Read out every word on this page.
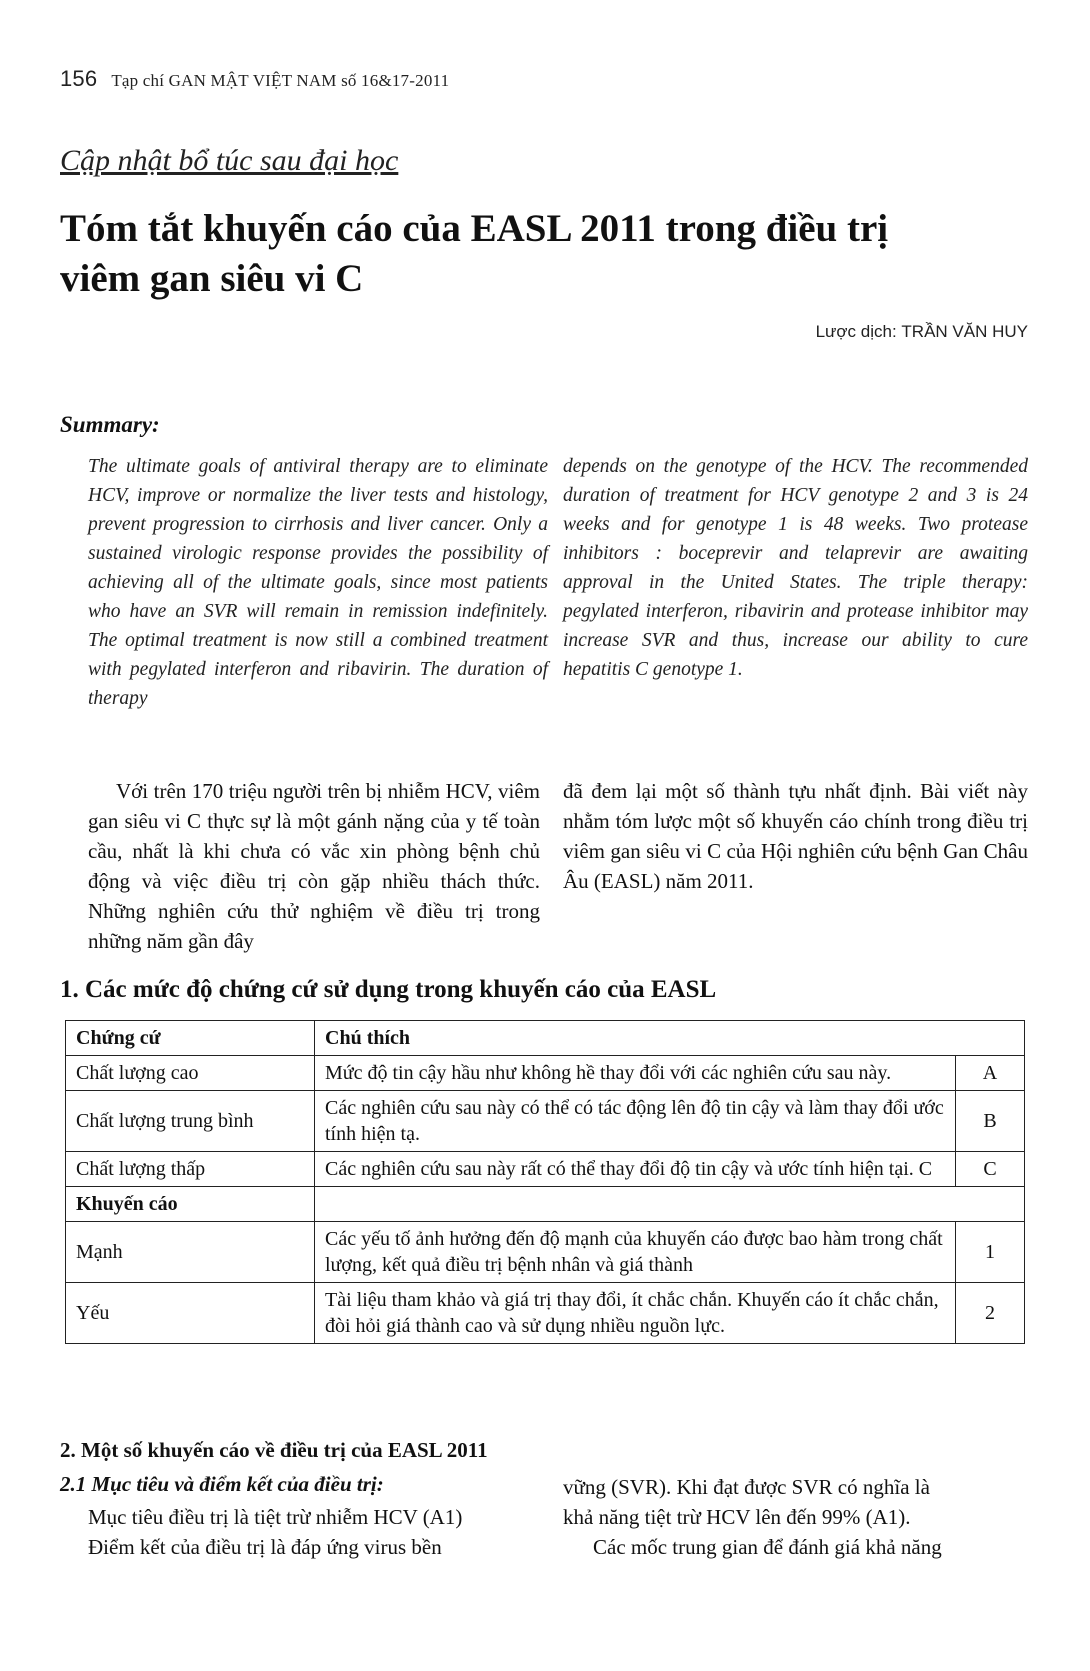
156 Tạp chí GAN MẬT VIỆT NAM số 16&17-2011
Cập nhật bổ túc sau đại học
Tóm tắt khuyến cáo của EASL 2011 trong điều trị
viêm gan siêu vi C
Lược dịch: TRẦN VĂN HUY
Summary:
The ultimate goals of antiviral therapy are to eliminate HCV, improve or normalize the liver tests and histology, prevent progression to cirrhosis and liver cancer. Only a sustained virologic response provides the possibility of achieving all of the ultimate goals, since most patients who have an SVR will remain in remission indefinitely. The optimal treatment is now still a combined treatment with pegylated interferon and ribavirin. The duration of therapy
depends on the genotype of the HCV. The recommended duration of treatment for HCV genotype 2 and 3 is 24 weeks and for genotype 1 is 48 weeks. Two protease inhibitors : boceprevir and telaprevir are awaiting approval in the United States. The triple therapy: pegylated interferon, ribavirin and protease inhibitor may increase SVR and thus, increase our ability to cure hepatitis C genotype 1.
Với trên 170 triệu người trên bị nhiễm HCV, viêm gan siêu vi C thực sự là một gánh nặng của y tế toàn cầu, nhất là khi chưa có vắc xin phòng bệnh chủ động và việc điều trị còn gặp nhiều thách thức. Những nghiên cứu thử nghiệm về điều trị trong những năm gần đây
đã đem lại một số thành tựu nhất định. Bài viết này nhằm tóm lược một số khuyến cáo chính trong điều trị viêm gan siêu vi C của Hội nghiên cứu bệnh Gan Châu Âu (EASL) năm 2011.
1. Các mức độ chứng cứ sử dụng trong khuyến cáo của EASL
Chứng cứ	Chú thích	
Chất lượng cao	Mức độ tin cậy hầu như không hề thay đổi với các nghiên cứu sau này.	A
Chất lượng trung bình	Các nghiên cứu sau này có thể có tác động lên độ tin cậy và làm thay đổi ước tính hiện tạ.	B
Chất lượng thấp	Các nghiên cứu sau này rất có thể thay đổi độ tin cậy và ước tính hiện tại. C	C
Khuyến cáo		
Mạnh	Các yếu tố ảnh hưởng đến độ mạnh của khuyến cáo được bao hàm trong chất lượng, kết quả điều trị bệnh nhân và giá thành	1
Yếu	Tài liệu tham khảo và giá trị thay đổi, ít chắc chắn. Khuyến cáo ít chắc chắn, đòi hỏi giá thành cao và sử dụng nhiều nguồn lực.	2
2. Một số khuyến cáo về điều trị của EASL 2011
2.1 Mục tiêu và điểm kết của điều trị:
Mục tiêu điều trị là tiệt trừ nhiễm HCV (A1)
Điểm kết của điều trị là đáp ứng virus bền
vững (SVR). Khi đạt được SVR có nghĩa là
khả năng tiệt trừ HCV lên đến 99% (A1).
Các mốc trung gian để đánh giá khả năng
